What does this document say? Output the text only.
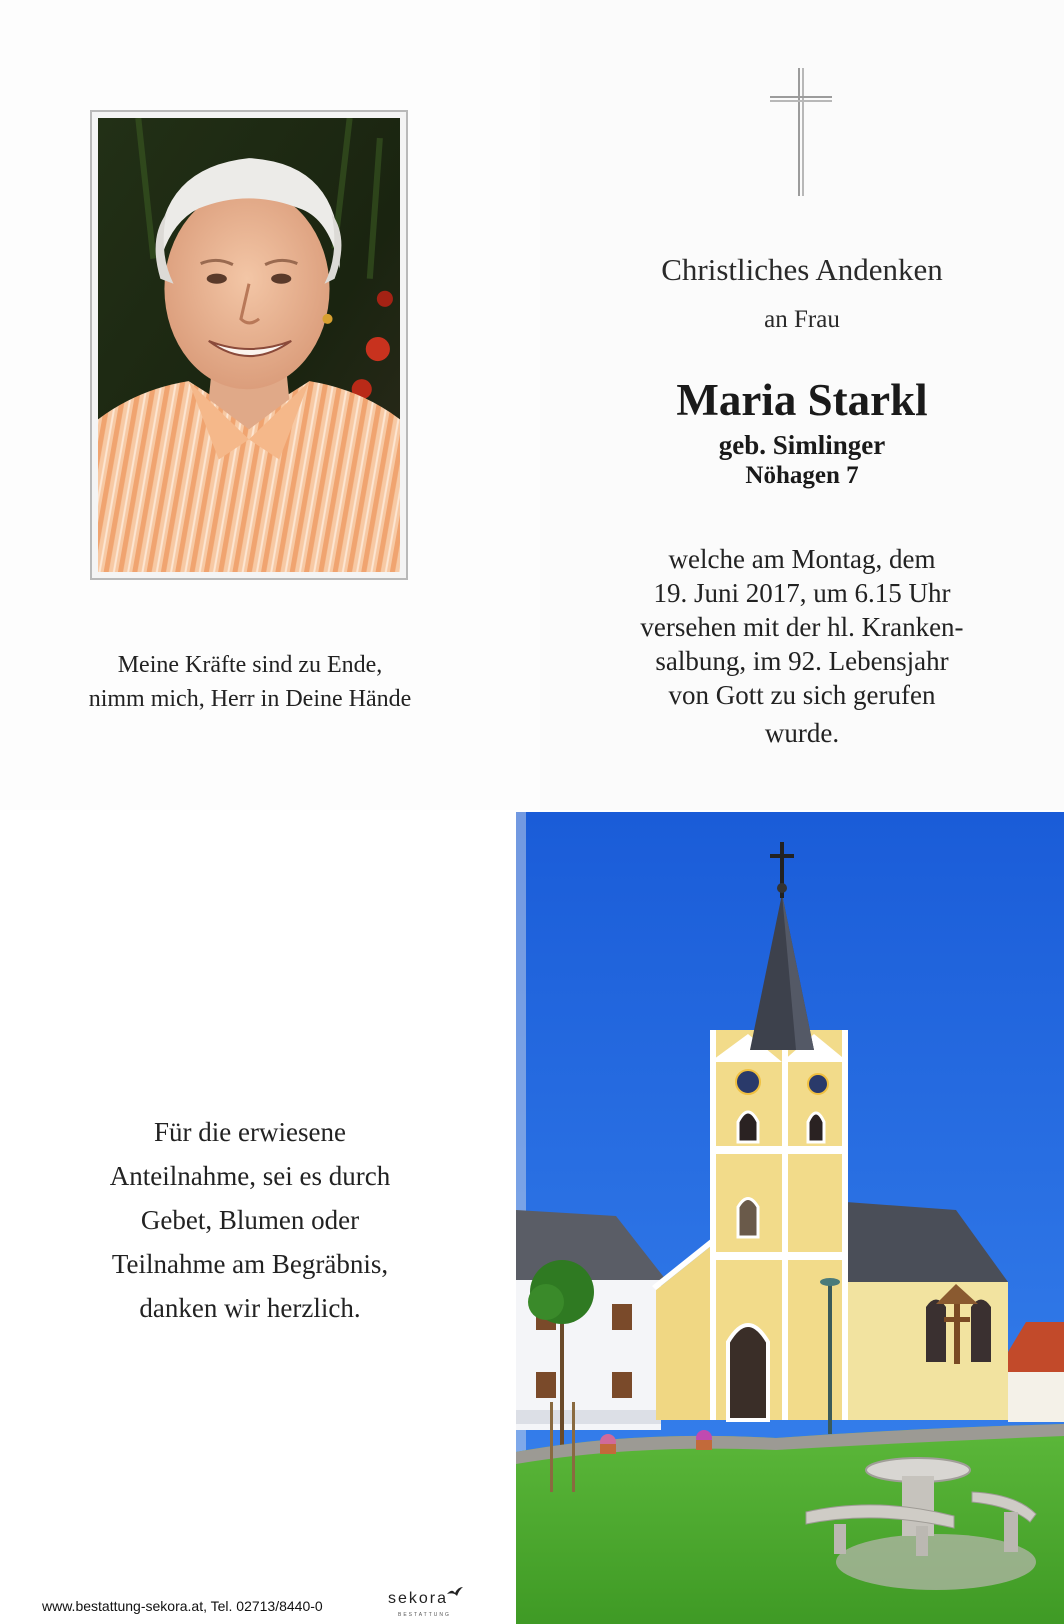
Meine Kräfte sind zu Ende,
nimm mich, Herr in Deine Hände
Christliches Andenken
an Frau
Maria Starkl
geb. Simlinger
Nöhagen 7
welche am Montag, dem
19. Juni 2017, um 6.15 Uhr
versehen mit der hl. Kranken-
salbung, im 92. Lebensjahr
von Gott zu sich gerufen
wurde.
Für die erwiesene
Anteilnahme, sei es durch
Gebet, Blumen oder
Teilnahme am Begräbnis,
danken wir herzlich.
www.bestattung-sekora.at, Tel. 02713/8440-0	sekora
BESTATTUNG
